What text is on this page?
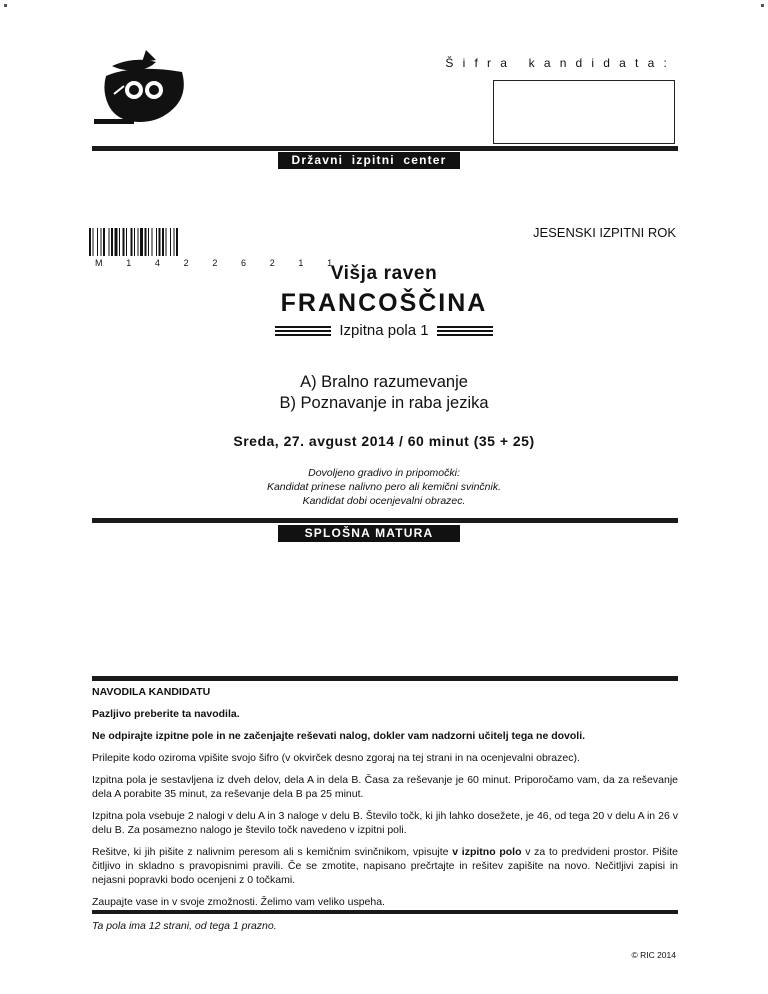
Šifra kandidata:
Državni izpitni center
M 1 4 2 2 6 2 1 1
JESENSKI IZPITNI ROK
Višja raven
FRANCOŠČINA
Izpitna pola 1
A) Bralno razumevanje
B) Poznavanje in raba jezika
Sreda, 27. avgust 2014 / 60 minut (35 + 25)
Dovoljeno gradivo in pripomočki:
Kandidat prinese nalivno pero ali kemični svinčnik.
Kandidat dobi ocenjevalni obrazec.
SPLOŠNA MATURA
NAVODILA KANDIDATU

Pazljivo preberite ta navodila.

Ne odpirajte izpitne pole in ne začenjajte reševati nalog, dokler vam nadzorni učitelj tega ne dovoli.

Prilepite kodo oziroma vpišite svojo šifro (v okvirček desno zgoraj na tej strani in na ocenjevalni obrazec).

Izpitna pola je sestavljena iz dveh delov, dela A in dela B. Časa za reševanje je 60 minut. Priporočamo vam, da za reševanje dela A porabite 35 minut, za reševanje dela B pa 25 minut.

Izpitna pola vsebuje 2 nalogi v delu A in 3 naloge v delu B. Število točk, ki jih lahko dosežete, je 46, od tega 20 v delu A in 26 v delu B. Za posamezno nalogo je število točk navedeno v izpitni poli.

Rešitve, ki jih pišite z nalivnim peresom ali s kemičnim svinčnikom, vpisujte v izpitno polo v za to predvideni prostor. Pišite čitljivo in skladno s pravopisnimi pravili. Če se zmotite, napisano prečrtajte in rešitev zapišite na novo. Nečitljivi zapisi in nejasni popravki bodo ocenjeni z 0 točkami.

Zaupajte vase in v svoje zmožnosti. Želimo vam veliko uspeha.

Ta pola ima 12 strani, od tega 1 prazno.
© RIC 2014
